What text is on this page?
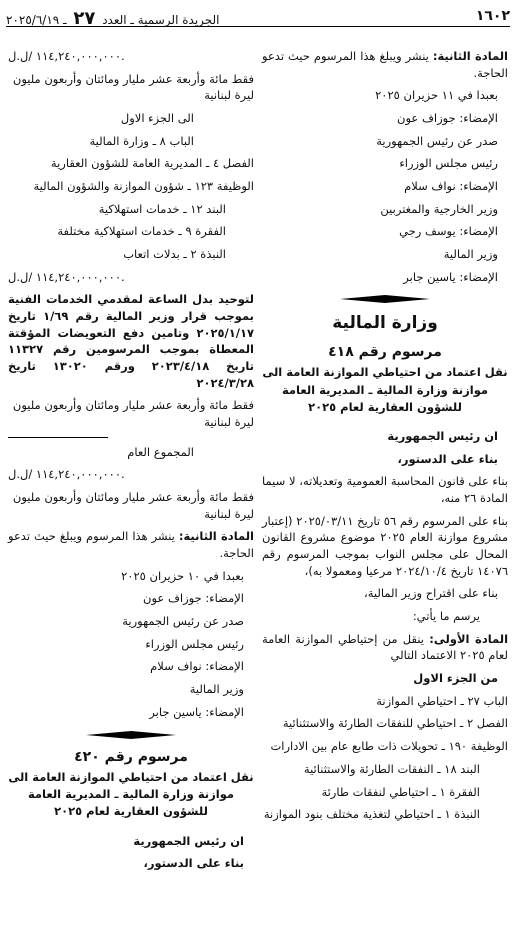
١٦٠٢
الجريدة الرسمية ـ العدد ٢٧ ـ ٢٠٢٥/٦/١٩

المادة الثانية: ينشر ويبلغ هذا المرسوم حيث تدعو الحاجة.

بعبدا في ١١ حزيران ٢٠٢٥

الإمضاء: جوزاف عون

صدر عن رئيس الجمهورية

رئيس مجلس الوزراء

الإمضاء: نواف سلام

وزير الخارجية والمغتربين

الإمضاء: يوسف رجي

وزير المالية

الإمضاء: ياسين جابر

وزارة المالية
مرسوم رقم ٤١٨
نقل اعتماد من احتياطي الموازنة العامة الى موازنة وزارة المالية ـ المديرية العامة للشؤون العقارية لعام ٢٠٢٥

ان رئيس الجمهورية

بناء على الدستور،

بناء على قانون المحاسبة العمومية وتعديلاته، لا سيما المادة ٢٦ منه،

بناء على المرسوم رقم ٥٦ تاريخ ٢٠٢٥/٠٣/١١ (إعتبار مشروع موازنة العام ٢٠٢٥ موضوع مشروع القانون المحال على مجلس النواب بموجب المرسوم رقم ١٤٠٧٦ تاريخ ٢٠٢٤/١٠/٤ مرعيا ومعمولا به)،

بناء على اقتراح وزير المالية،

يرسم ما يأتي:

المادة الأولى: ينقل من إحتياطي الموازنة العامة لعام ٢٠٢٥ الاعتماد التالي

من الجزء الاول

الباب ٢٧ ـ احتياطي الموازنة

الفصل ٢ ـ احتياطي للنفقات الطارئة والاستثنائية

الوظيفة ١٩٠ ـ تحويلات ذات طابع عام بين الادارات

البند ١٨ ـ النفقات الطارئة والاستثنائية

الفقرة ١ ـ احتياطي لنفقات طارئة

النبذة ١ ـ احتياطي لتغذية مختلف بنود الموازنة

١١٤,٢٤٠,٠٠٠,٠٠٠ /ل.ل.

فقط مائة وأربعة عشر مليار ومائتان وأربعون مليون ليرة لبنانية

الى الجزء الاول

الباب ٨ ـ وزارة المالية

الفصل ٤ ـ المديرية العامة للشؤون العقارية

الوظيفة ١٢٣ ـ شؤون الموازنة والشؤون المالية

البند ١٢ ـ خدمات استهلاكية

الفقرة ٩ ـ خدمات استهلاكية مختلفة

النبذة ٢ ـ بدلات اتعاب

١١٤,٢٤٠,٠٠٠,٠٠٠ /ل.ل.

لتوحيد بدل الساعة لمقدمي الخدمات الفنية بموجب قرار وزير المالية رقم ١/٦٩ تاريخ ٢٠٢٥/١/١٧ وتامين دفع التعويضات المؤقتة المعطاة بموجب المرسومين رقم ١١٣٢٧ تاريخ ٢٠٢٣/٤/١٨ ورقم ١٣٠٢٠ تاريخ ٢٠٢٤/٣/٢٨

فقط مائة وأربعة عشر مليار ومائتان وأربعون مليون ليرة لبنانية

المجموع العام

١١٤,٢٤٠,٠٠٠,٠٠٠ /ل.ل.

فقط مائة وأربعة عشر مليار ومائتان وأربعون مليون ليرة لبنانية

المادة الثانية: ينشر هذا المرسوم ويبلغ حيث تدعو الحاجة.

بعبدا في ١٠ حزيران ٢٠٢٥

الإمضاء: جوزاف عون

صدر عن رئيس الجمهورية

رئيس مجلس الوزراء

الإمضاء: نواف سلام

وزير المالية

الإمضاء: ياسين جابر

مرسوم رقم ٤٢٠
نقل اعتماد من احتياطي الموازنة العامة الى موازنة وزارة المالية ـ المديرية العامة للشؤون العقارية لعام ٢٠٢٥

ان رئيس الجمهورية

بناء على الدستور،
